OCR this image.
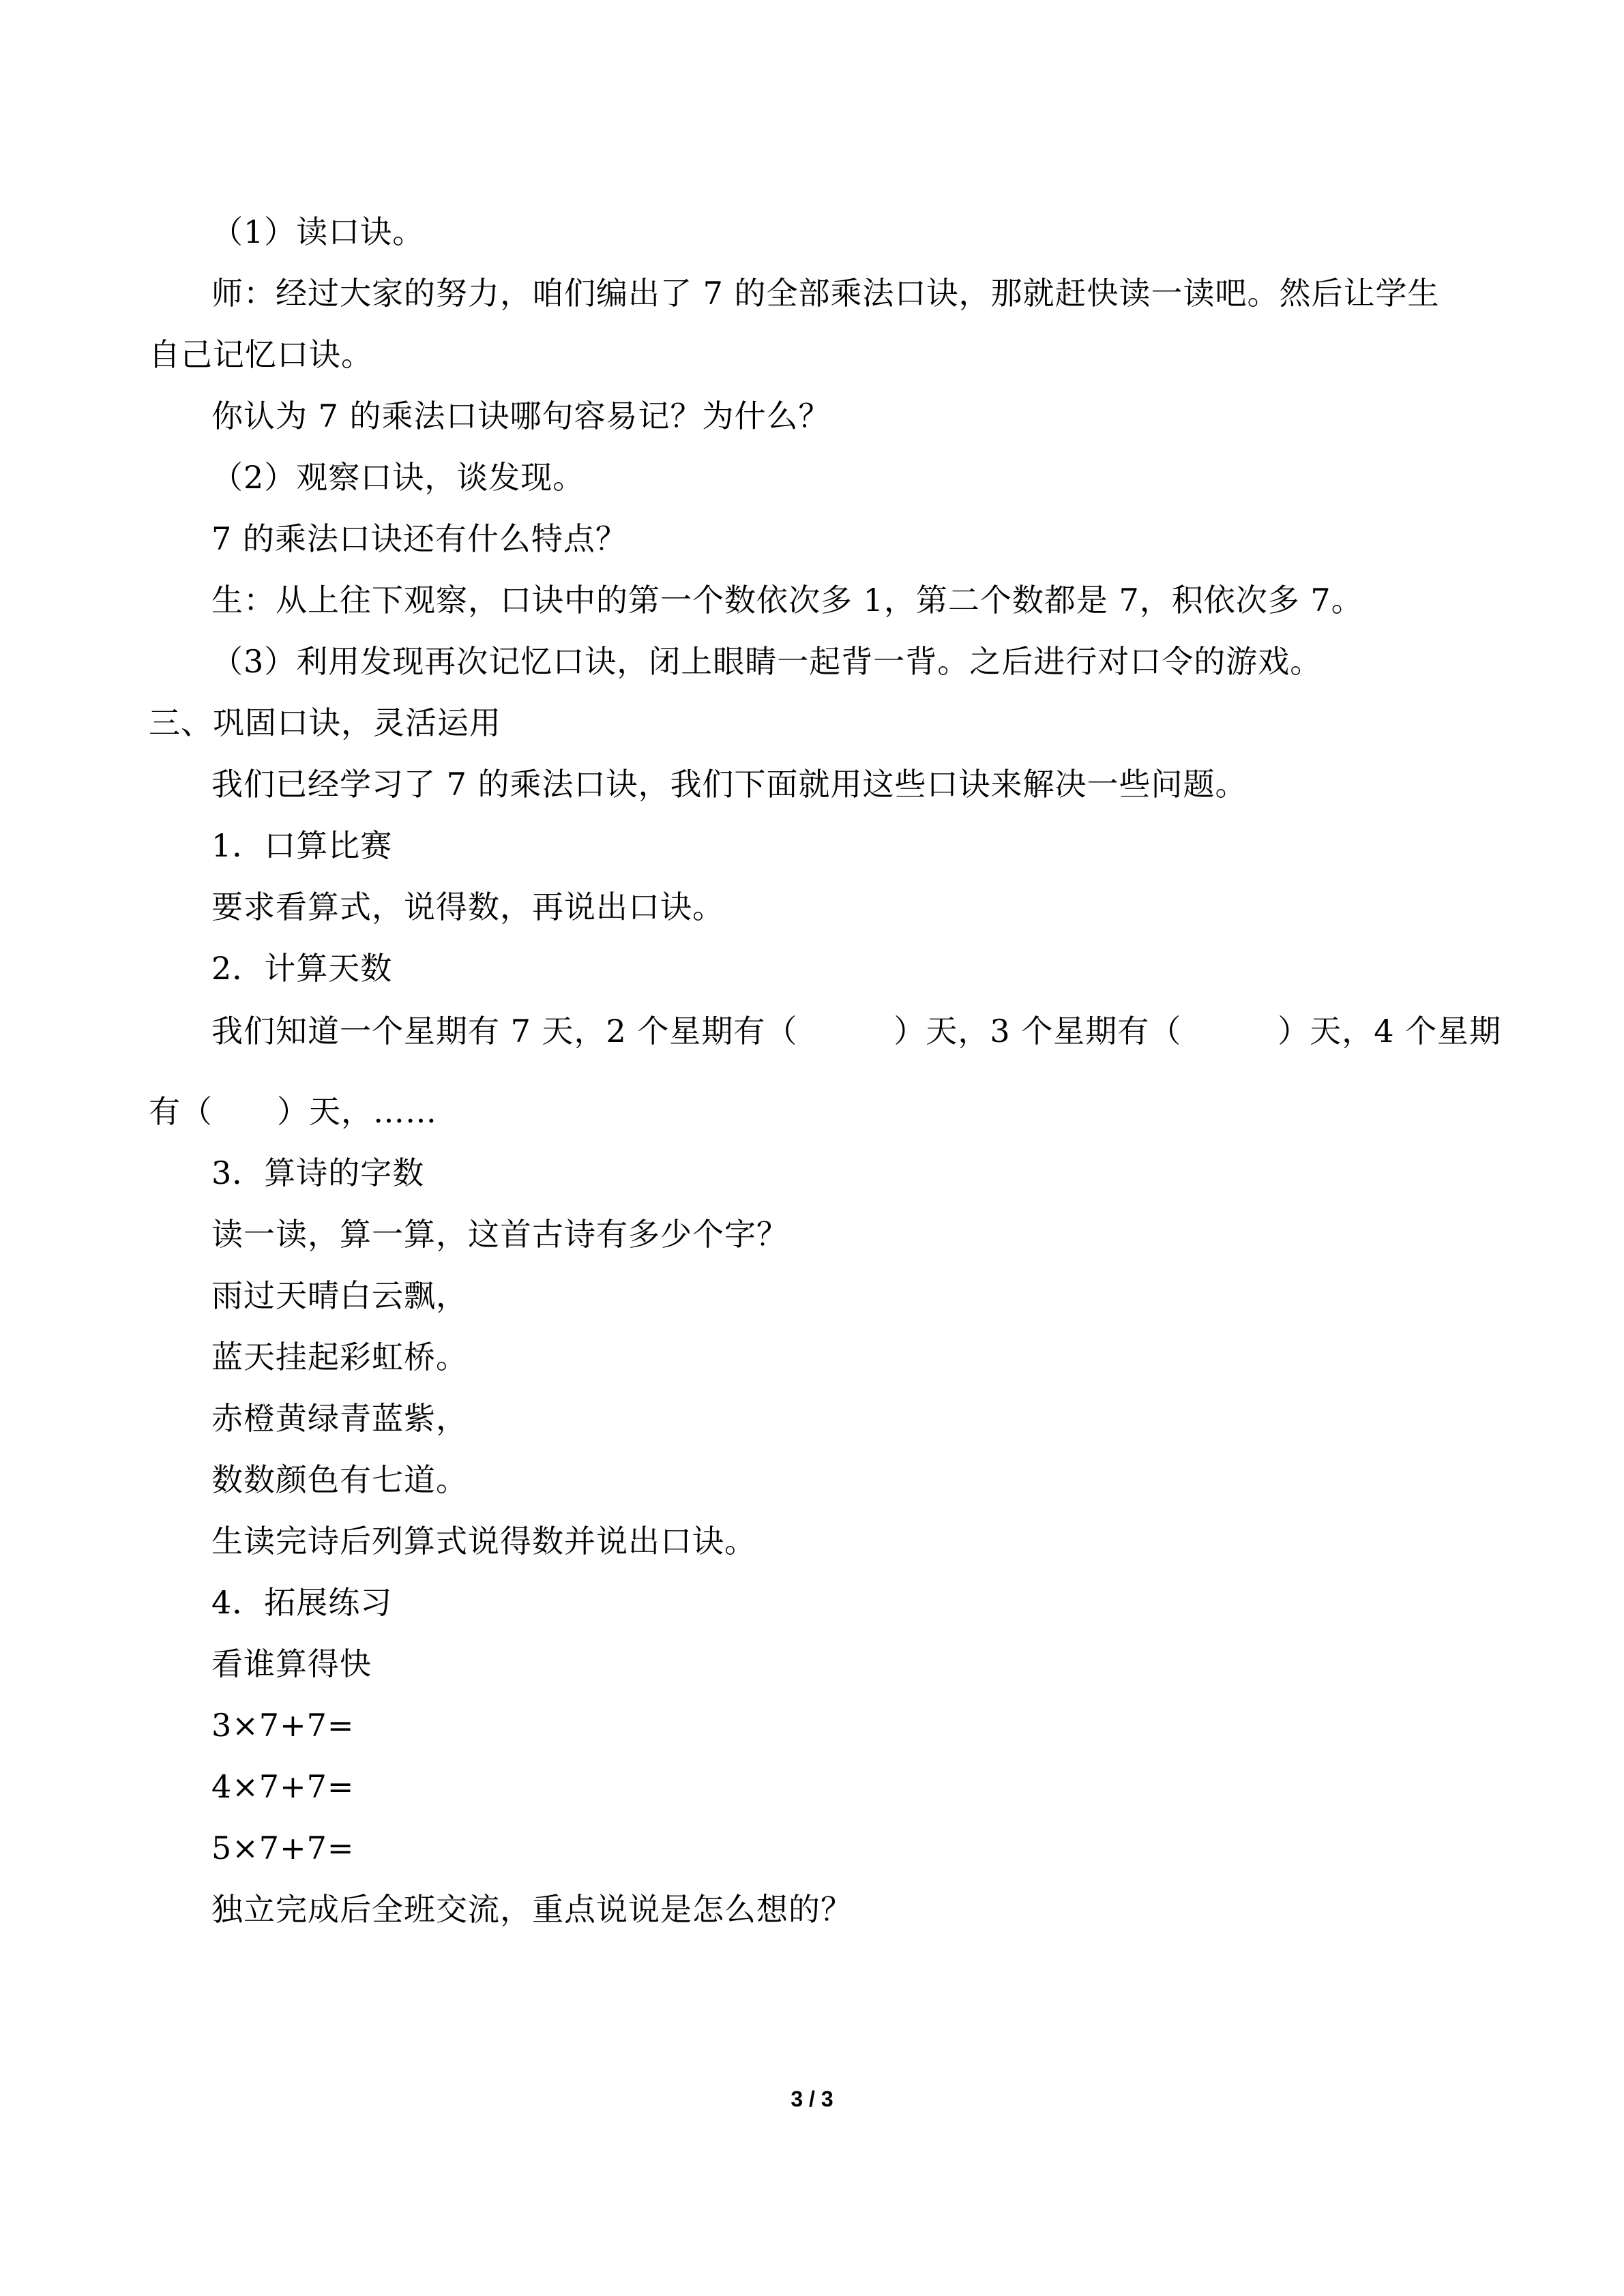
（1）读口诀。
师：经过大家的努力，咱们编出了 7 的全部乘法口诀，那就赶快读一读吧。然后让学生
自己记忆口诀。
你认为 7 的乘法口诀哪句容易记？为什么？
（2）观察口诀，谈发现。
7 的乘法口诀还有什么特点？
生：从上往下观察，口诀中的第一个数依次多 1，第二个数都是 7，积依次多 7。
（3）利用发现再次记忆口诀，闭上眼睛一起背一背。之后进行对口令的游戏。
三、巩固口诀，灵活运用
我们已经学习了 7 的乘法口诀，我们下面就用这些口诀来解决一些问题。
1．口算比赛
要求看算式，说得数，再说出口诀。
2．计算天数
我们知道一个星期有 7 天，2 个星期有（　　　）天，3 个星期有（　　　）天，4 个星期
有（　　）天，……
3．算诗的字数
读一读，算一算，这首古诗有多少个字？
雨过天晴白云飘，
蓝天挂起彩虹桥。
赤橙黄绿青蓝紫，
数数颜色有七道。
生读完诗后列算式说得数并说出口诀。
4．拓展练习
看谁算得快
3×7+7=
4×7+7=
5×7+7=
独立完成后全班交流，重点说说是怎么想的？
3 / 3
